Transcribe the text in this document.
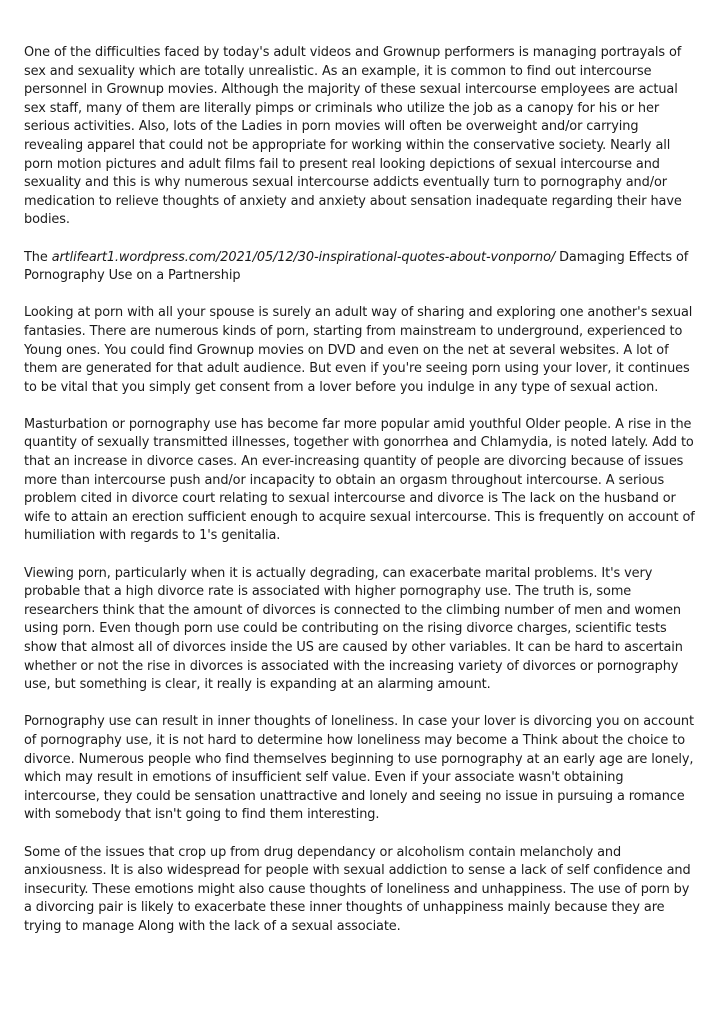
One of the difficulties faced by today's adult videos and Grownup performers is managing portrayals of sex and sexuality which are totally unrealistic. As an example, it is common to find out intercourse personnel in Grownup movies. Although the majority of these sexual intercourse employees are actual sex staff, many of them are literally pimps or criminals who utilize the job as a canopy for his or her serious activities. Also, lots of the Ladies in porn movies will often be overweight and/or carrying revealing apparel that could not be appropriate for working within the conservative society. Nearly all porn motion pictures and adult films fail to present real looking depictions of sexual intercourse and sexuality and this is why numerous sexual intercourse addicts eventually turn to pornography and/or medication to relieve thoughts of anxiety and anxiety about sensation inadequate regarding their have bodies.

The artlifeart1.wordpress.com/2021/05/12/30-inspirational-quotes-about-vonporno/ Damaging Effects of Pornography Use on a Partnership

Looking at porn with all your spouse is surely an adult way of sharing and exploring one another's sexual fantasies. There are numerous kinds of porn, starting from mainstream to underground, experienced to Young ones. You could find Grownup movies on DVD and even on the net at several websites. A lot of them are generated for that adult audience. But even if you're seeing porn using your lover, it continues to be vital that you simply get consent from a lover before you indulge in any type of sexual action.

Masturbation or pornography use has become far more popular amid youthful Older people. A rise in the quantity of sexually transmitted illnesses, together with gonorrhea and Chlamydia, is noted lately. Add to that an increase in divorce cases. An ever-increasing quantity of people are divorcing because of issues more than intercourse push and/or incapacity to obtain an orgasm throughout intercourse. A serious problem cited in divorce court relating to sexual intercourse and divorce is The lack on the husband or wife to attain an erection sufficient enough to acquire sexual intercourse. This is frequently on account of humiliation with regards to 1's genitalia.

Viewing porn, particularly when it is actually degrading, can exacerbate marital problems. It's very probable that a high divorce rate is associated with higher pornography use. The truth is, some researchers think that the amount of divorces is connected to the climbing number of men and women using porn. Even though porn use could be contributing on the rising divorce charges, scientific tests show that almost all of divorces inside the US are caused by other variables. It can be hard to ascertain whether or not the rise in divorces is associated with the increasing variety of divorces or pornography use, but something is clear, it really is expanding at an alarming amount.

Pornography use can result in inner thoughts of loneliness. In case your lover is divorcing you on account of pornography use, it is not hard to determine how loneliness may become a Think about the choice to divorce. Numerous people who find themselves beginning to use pornography at an early age are lonely, which may result in emotions of insufficient self value. Even if your associate wasn't obtaining intercourse, they could be sensation unattractive and lonely and seeing no issue in pursuing a romance with somebody that isn't going to find them interesting.

Some of the issues that crop up from drug dependancy or alcoholism contain melancholy and anxiousness. It is also widespread for people with sexual addiction to sense a lack of self confidence and insecurity. These emotions might also cause thoughts of loneliness and unhappiness. The use of porn by a divorcing pair is likely to exacerbate these inner thoughts of unhappiness mainly because they are trying to manage Along with the lack of a sexual associate.
